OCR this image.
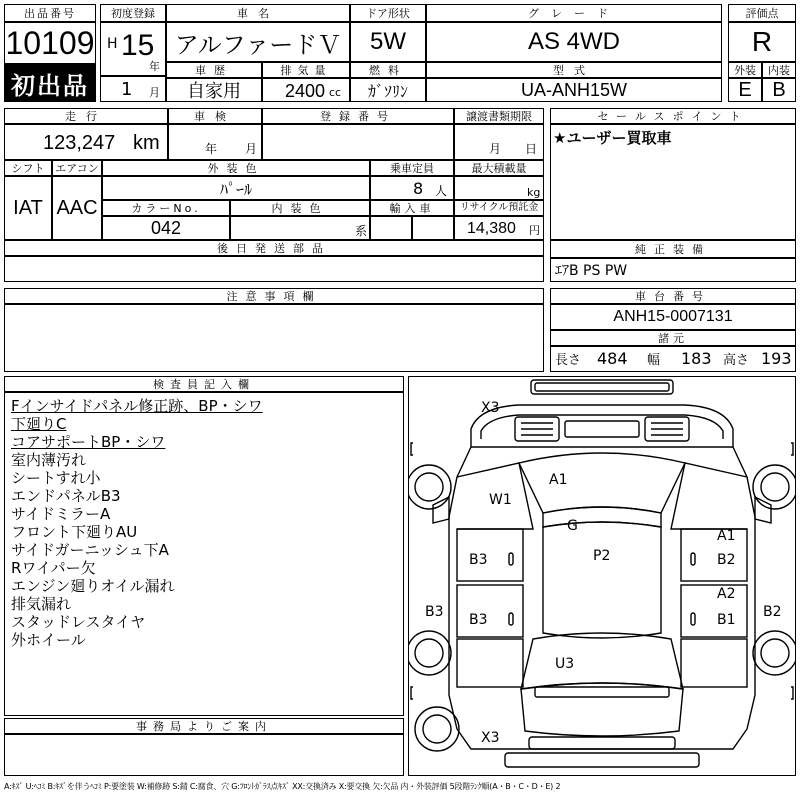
出品番号
10109
初出品
初度登録
H 15
年
1 月
車名
アルファードＶ
ドア形状
5W
グレード
AS 4WD
評価点
R
車歴
自家用
排気量
2400 cc
燃料
ｶﾞｿﾘﾝ
型式
UA-ANH15W
外装
E
内装
B
走行
123,247 km
車検
年 月
登録番号	譲渡書類期限
月 日
シフト
IAT
エアコン
AAC
外装色
ﾊﾟｰﾙ
乗車定員
8 人
最大積載量
kg
カラーNo.
042
内装色
系
輸入車	リサイクル預託金
14,380 円
後日発送部品
セールスポイント
★ユーザー買取車
純正装備
ｴｱB PS PW
注意事項欄	車台番号
ANH15-0007131
諸元
長さ 484 幅 183 高さ 193
検査員記入欄
Fインサイドパネル修正跡、BP・シワ
下廻りC
コアサポートBP・シワ
室内薄汚れ
シートすれ小
エンドパネルB3
サイドミラーA
フロント下廻りAU
サイドガーニッシュ下A
Rワイパー欠
エンジン廻りオイル漏れ
排気漏れ
スタッドレスタイヤ
外ホイール
事務局よりご案内
X3
A1
W1
G
P2
B3
B3
B3
A1
B2
A2
B1 B2
U3
X3
A:ｷｽﾞ U:ﾍｺﾐ B:ｷｽﾞを伴うﾍｺﾐ P:要塗装 W:補修跡 S:錆 C:腐食、穴 G:ﾌﾛﾝﾄｶﾞﾗｽ点ｷｽﾞ XX:交換済み X:要交換 欠:欠品 内・外装評価 5段階ﾗﾝｸ順(A・B・C・D・E) 2
